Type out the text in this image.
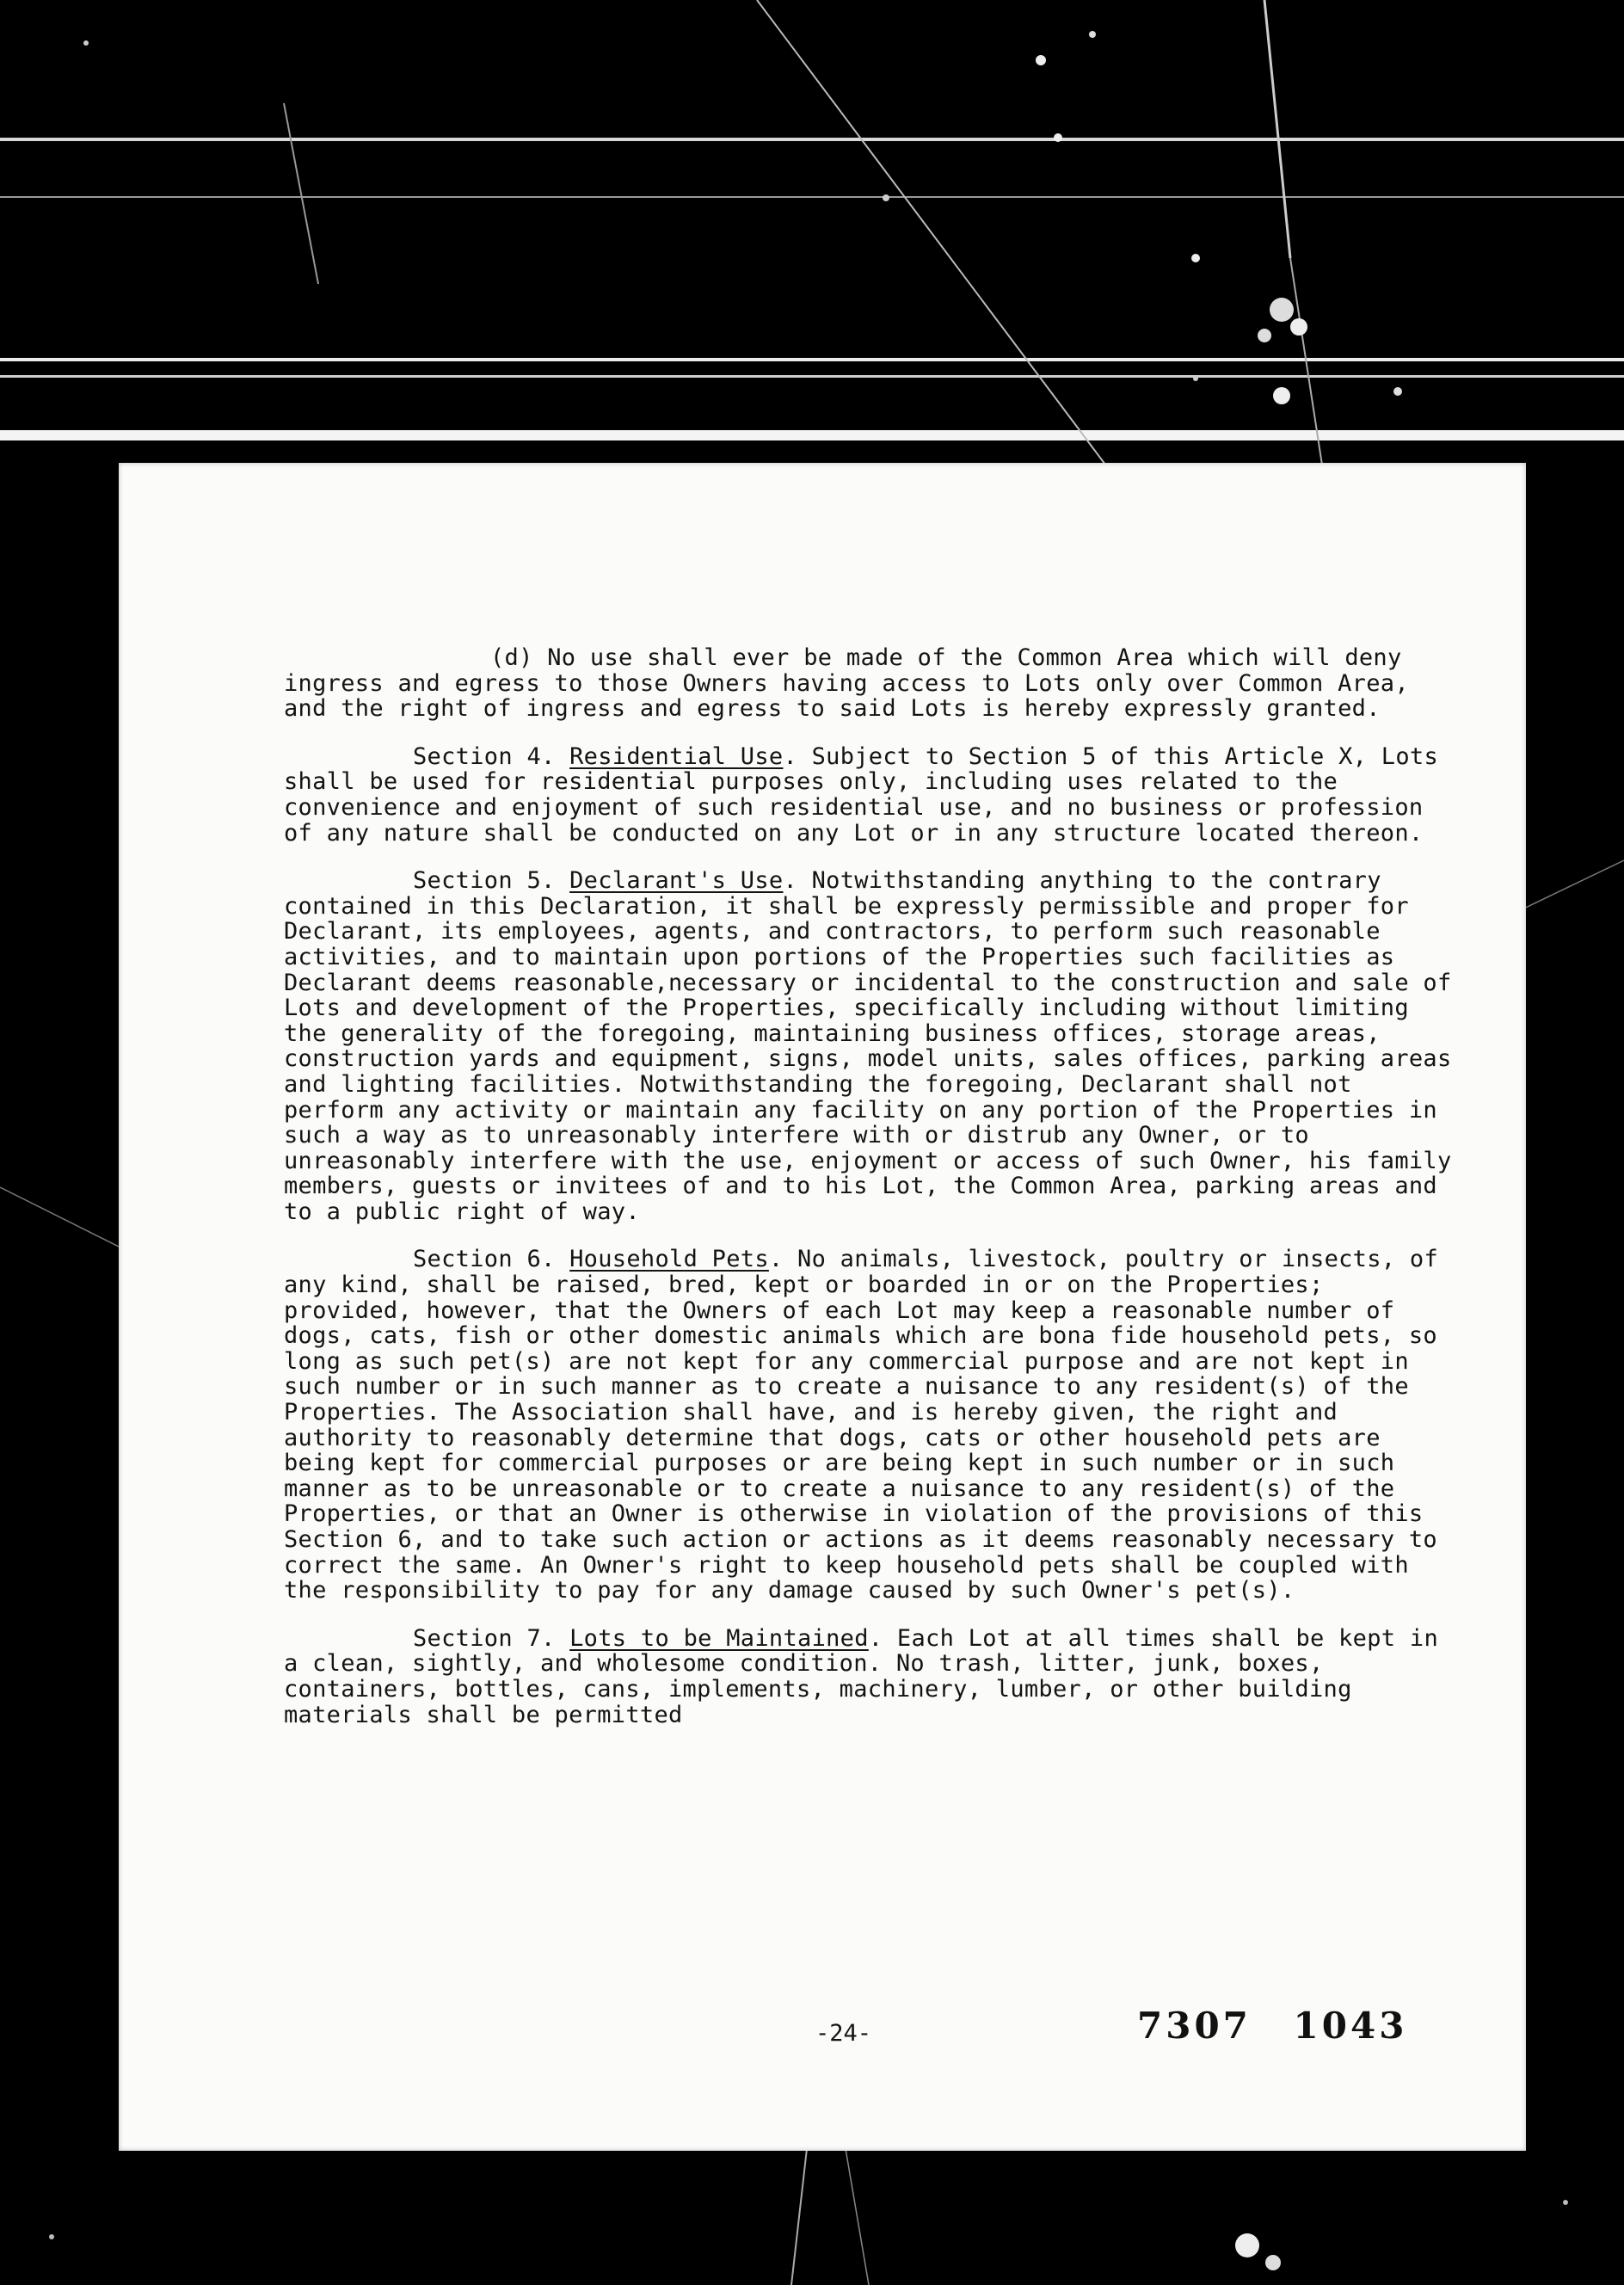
(d) No use shall ever be made of the Common Area which will deny ingress and egress to those Owners having access to Lots only over Common Area, and the right of ingress and egress to said Lots is hereby expressly granted.

Section 4. Residential Use. Subject to Section 5 of this Article X, Lots shall be used for residential purposes only, including uses related to the convenience and enjoyment of such residential use, and no business or profession of any nature shall be conducted on any Lot or in any structure located thereon.

Section 5. Declarant's Use. Notwithstanding anything to the contrary contained in this Declaration, it shall be expressly permissible and proper for Declarant, its employees, agents, and contractors, to perform such reasonable activities, and to maintain upon portions of the Properties such facilities as Declarant deems reasonable,necessary or incidental to the construction and sale of Lots and development of the Properties, specifically including without limiting the generality of the foregoing, maintaining business offices, storage areas, construction yards and equipment, signs, model units, sales offices, parking areas and lighting facilities. Notwithstanding the foregoing, Declarant shall not perform any activity or maintain any facility on any portion of the Properties in such a way as to unreasonably interfere with or distrub any Owner, or to unreasonably interfere with the use, enjoyment or access of such Owner, his family members, guests or invitees of and to his Lot, the Common Area, parking areas and to a public right of way.

Section 6. Household Pets. No animals, livestock, poultry or insects, of any kind, shall be raised, bred, kept or boarded in or on the Properties; provided, however, that the Owners of each Lot may keep a reasonable number of dogs, cats, fish or other domestic animals which are bona fide household pets, so long as such pet(s) are not kept for any commercial purpose and are not kept in such number or in such manner as to create a nuisance to any resident(s) of the Properties. The Association shall have, and is hereby given, the right and authority to reasonably determine that dogs, cats or other household pets are being kept for commercial purposes or are being kept in such number or in such manner as to be unreasonable or to create a nuisance to any resident(s) of the Properties, or that an Owner is otherwise in violation of the provisions of this Section 6, and to take such action or actions as it deems reasonably necessary to correct the same. An Owner's right to keep household pets shall be coupled with the responsibility to pay for any damage caused by such Owner's pet(s).

Section 7. Lots to be Maintained. Each Lot at all times shall be kept in a clean, sightly, and wholesome condition. No trash, litter, junk, boxes, containers, bottles, cans, implements, machinery, lumber, or other building materials shall be permitted

-24-	7307 1043
